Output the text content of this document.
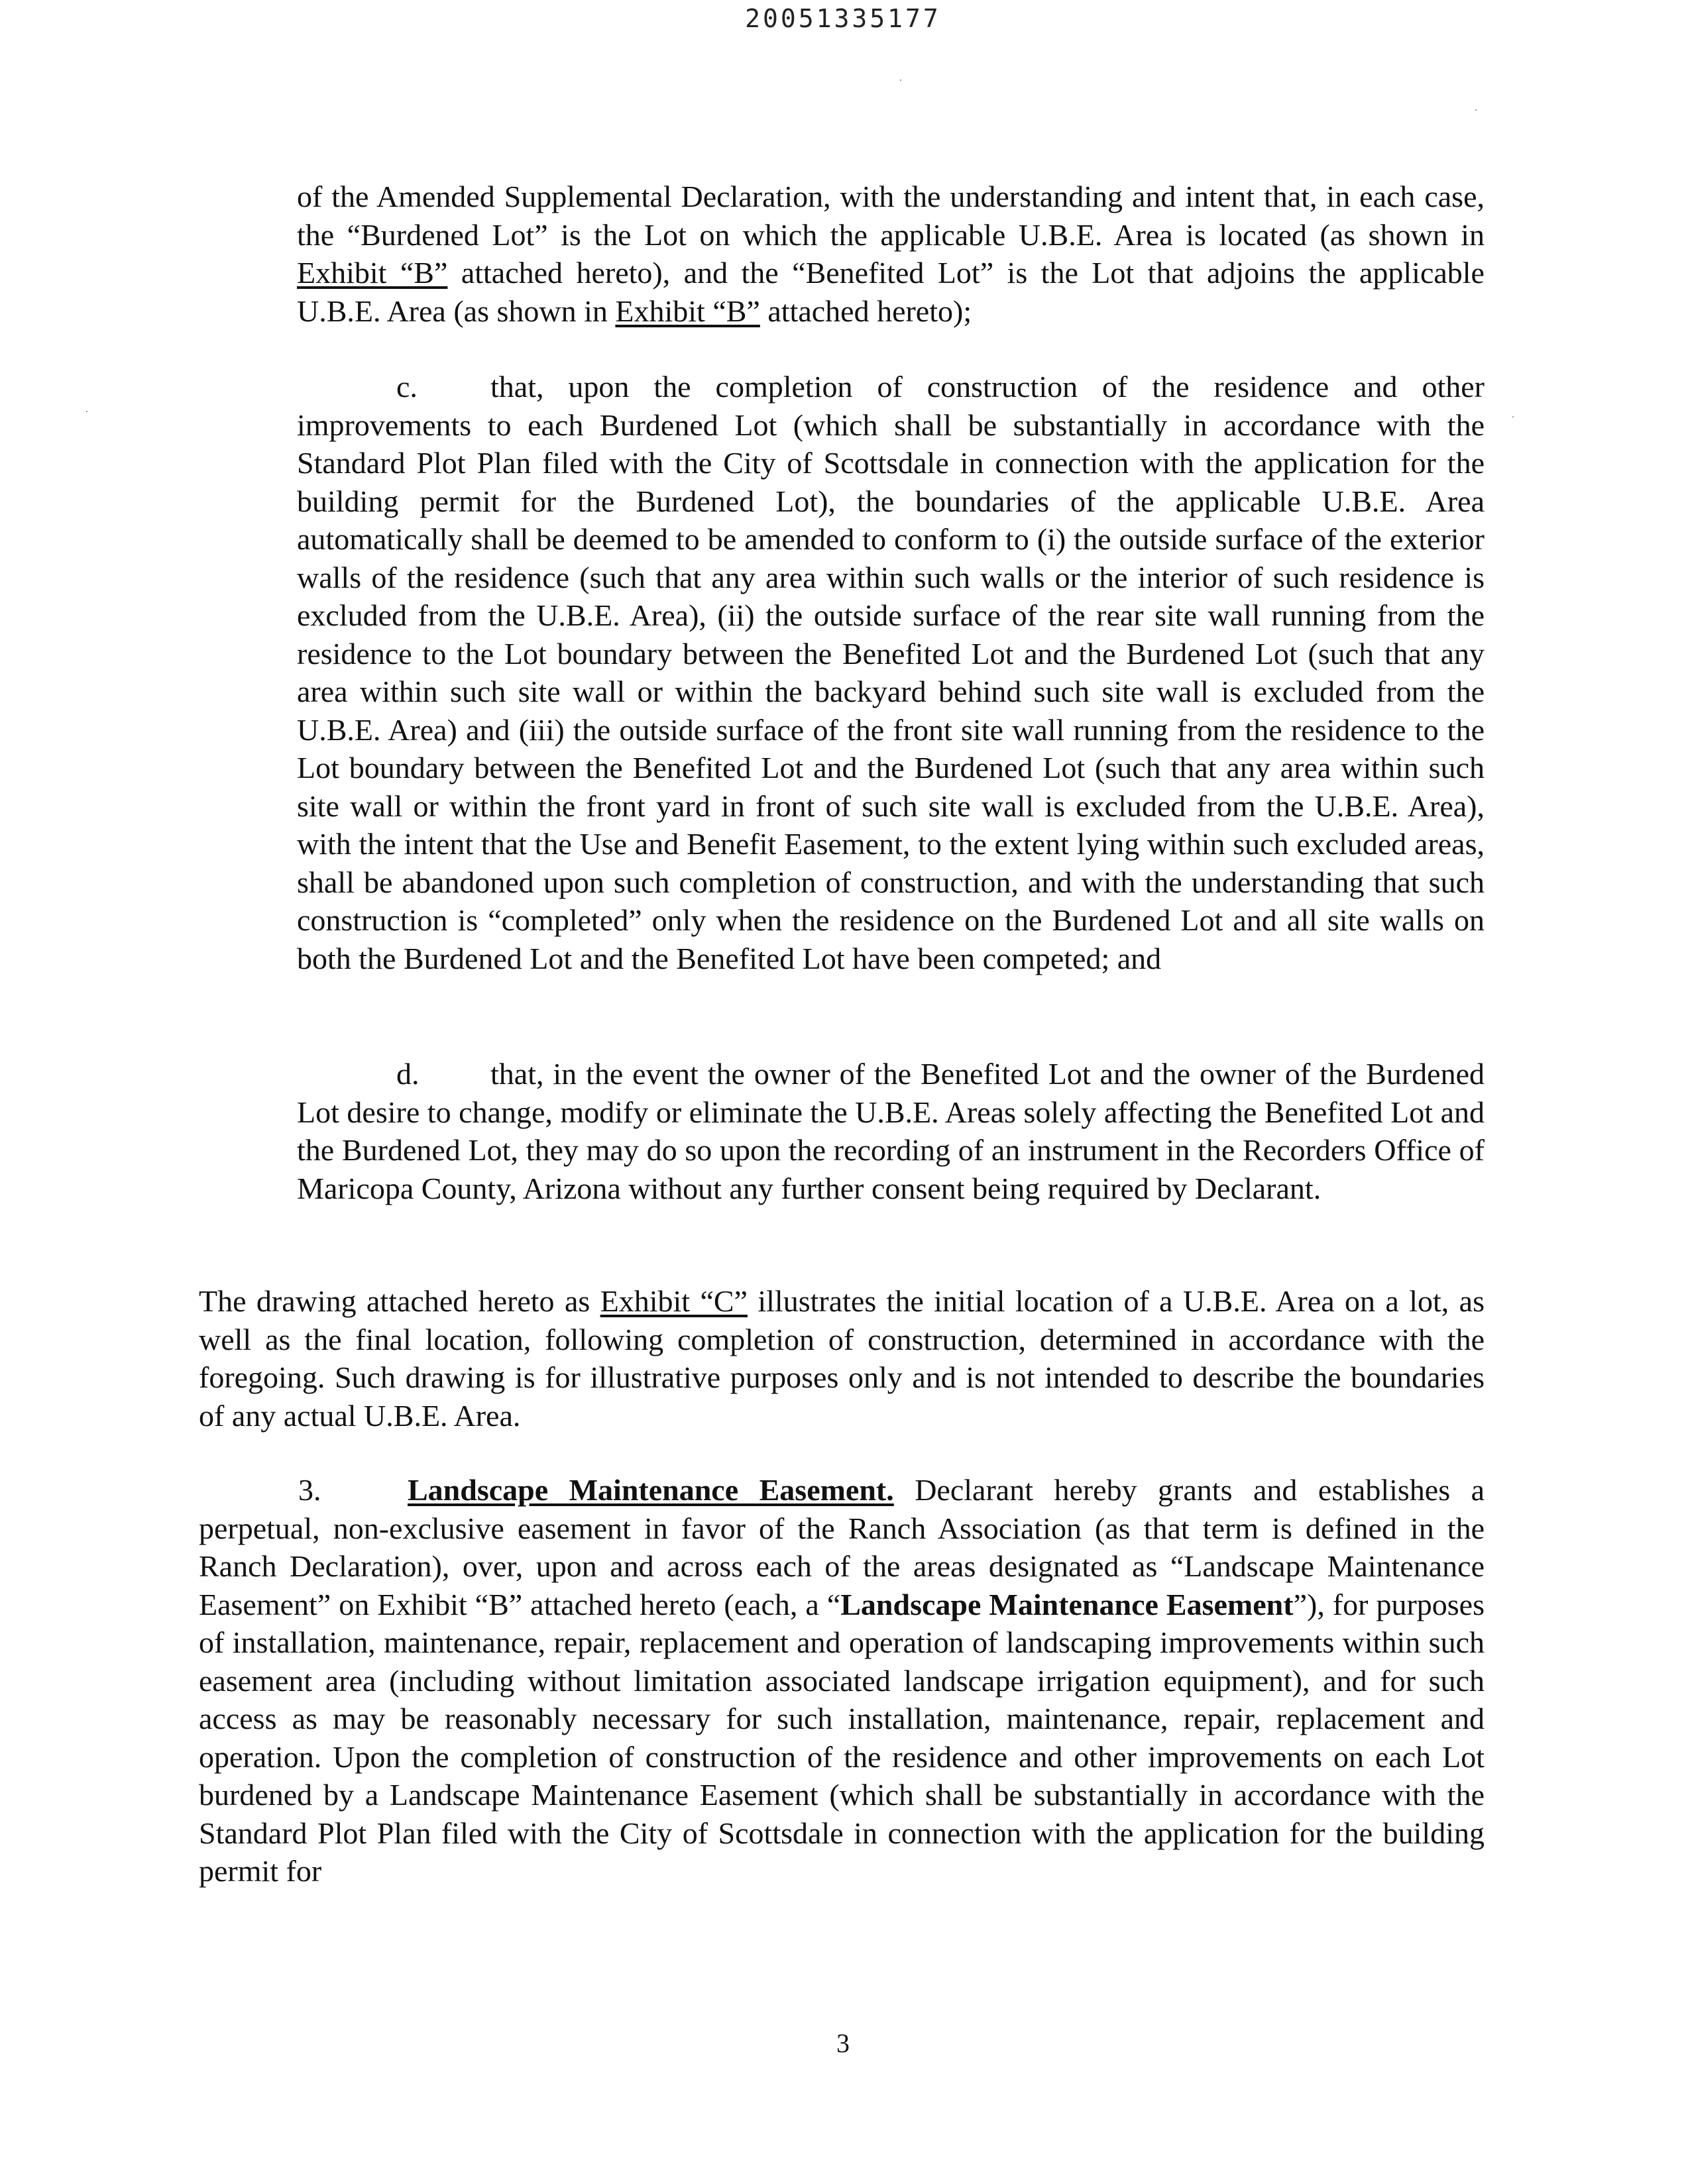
20051335177

of the Amended Supplemental Declaration, with the understanding and intent that, in each case, the “Burdened Lot” is the Lot on which the applicable U.B.E. Area is located (as shown in Exhibit “B” attached hereto), and the “Benefited Lot” is the Lot that adjoins the applicable U.B.E. Area (as shown in Exhibit “B” attached hereto);

c. that, upon the completion of construction of the residence and other improvements to each Burdened Lot (which shall be substantially in accordance with the Standard Plot Plan filed with the City of Scottsdale in connection with the application for the building permit for the Burdened Lot), the boundaries of the applicable U.B.E. Area automatically shall be deemed to be amended to conform to (i) the outside surface of the exterior walls of the residence (such that any area within such walls or the interior of such residence is excluded from the U.B.E. Area), (ii) the outside surface of the rear site wall running from the residence to the Lot boundary between the Benefited Lot and the Burdened Lot (such that any area within such site wall or within the backyard behind such site wall is excluded from the U.B.E. Area) and (iii) the outside surface of the front site wall running from the residence to the Lot boundary between the Benefited Lot and the Burdened Lot (such that any area within such site wall or within the front yard in front of such site wall is excluded from the U.B.E. Area), with the intent that the Use and Benefit Easement, to the extent lying within such excluded areas, shall be abandoned upon such completion of construction, and with the understanding that such construction is “completed” only when the residence on the Burdened Lot and all site walls on both the Burdened Lot and the Benefited Lot have been competed; and

d. that, in the event the owner of the Benefited Lot and the owner of the Burdened Lot desire to change, modify or eliminate the U.B.E. Areas solely affecting the Benefited Lot and the Burdened Lot, they may do so upon the recording of an instrument in the Recorders Office of Maricopa County, Arizona without any further consent being required by Declarant.

The drawing attached hereto as Exhibit “C” illustrates the initial location of a U.B.E. Area on a lot, as well as the final location, following completion of construction, determined in accordance with the foregoing. Such drawing is for illustrative purposes only and is not intended to describe the boundaries of any actual U.B.E. Area.

3.	Landscape Maintenance Easement. Declarant hereby grants and establishes a perpetual, non-exclusive easement in favor of the Ranch Association (as that term is defined in the Ranch Declaration), over, upon and across each of the areas designated as “Landscape Maintenance Easement” on Exhibit “B” attached hereto (each, a “Landscape Maintenance Easement”), for purposes of installation, maintenance, repair, replacement and operation of landscaping improvements within such easement area (including without limitation associated landscape irrigation equipment), and for such access as may be reasonably necessary for such installation, maintenance, repair, replacement and operation. Upon the completion of construction of the residence and other improvements on each Lot burdened by a Landscape Maintenance Easement (which shall be substantially in accordance with the Standard Plot Plan filed with the City of Scottsdale in connection with the application for the building permit for

3
